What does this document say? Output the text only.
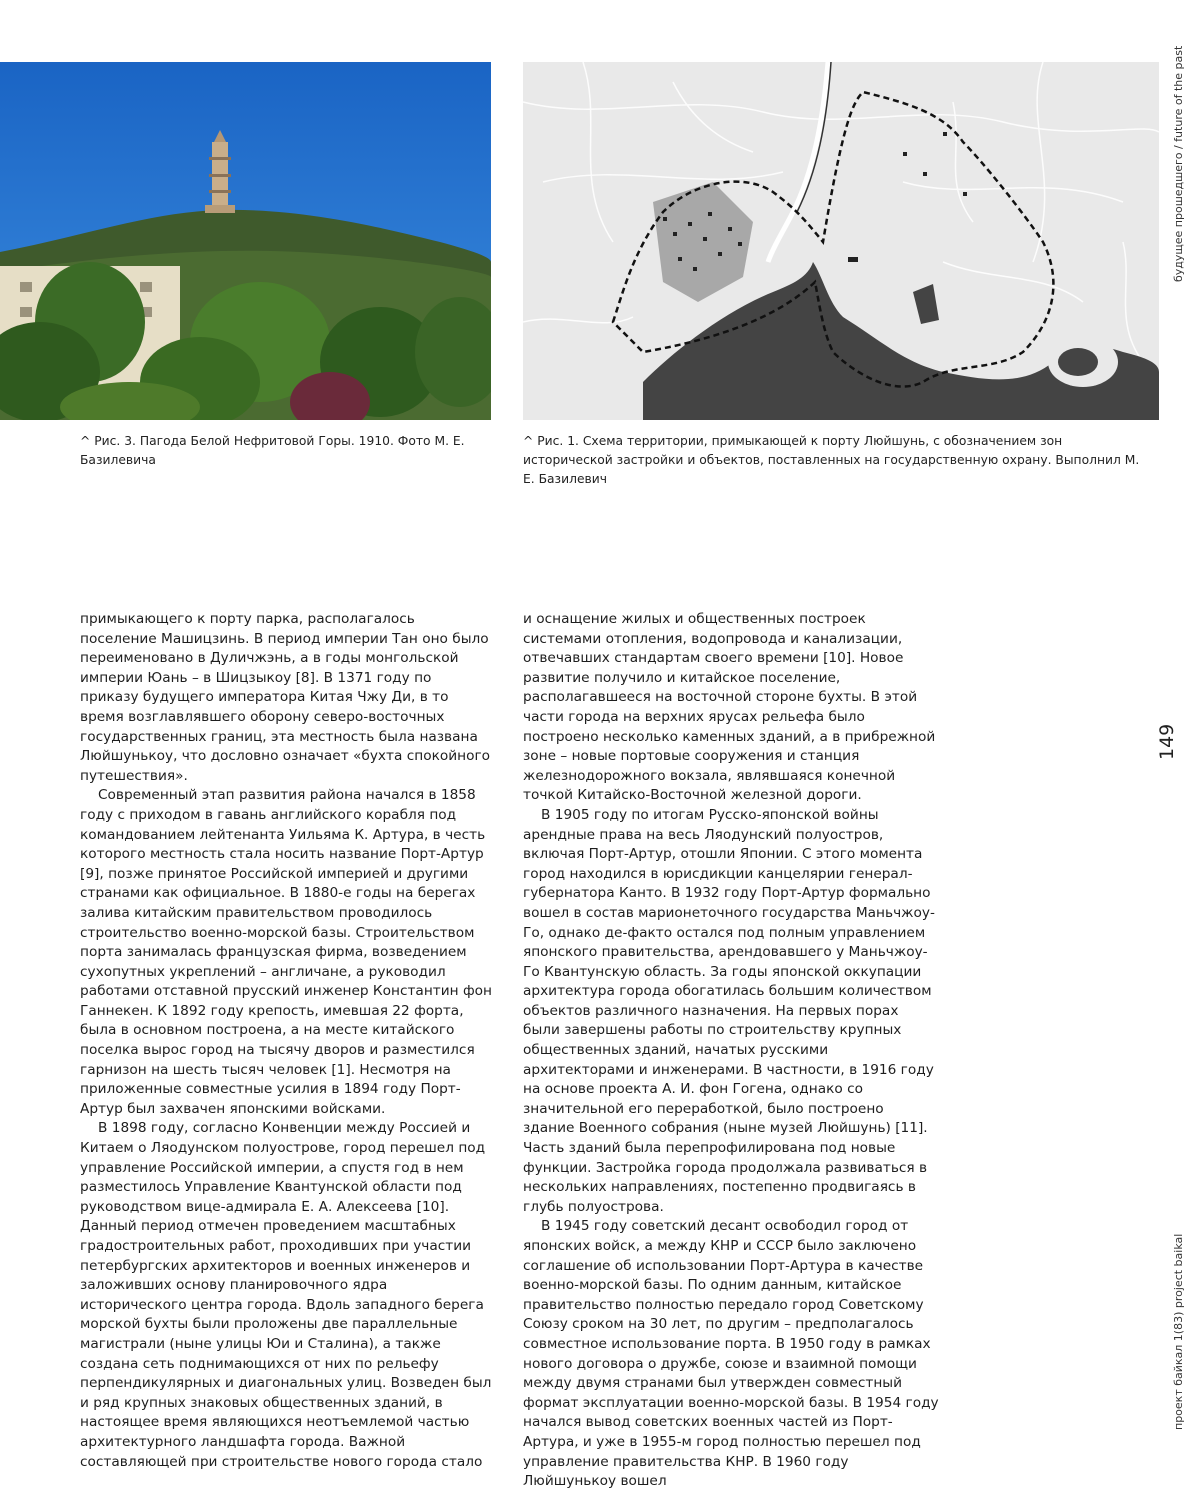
^ Рис. 3. Пагода Белой Нефритовой Горы. 1910. Фото М. Е. Базилевича
^ Рис. 1. Схема территории, примыкающей к порту Люйшунь, с обозначением зон исторической застройки и объектов, поставленных на государственную охрану. Выполнил М. Е. Базилевич

примыкающего к порту парка, располагалось поселение Машицзинь. В период империи Тан оно было переименовано в Дуличжэнь, а в годы монгольской империи Юань – в Шицзыкоу [8]. В 1371 году по приказу будущего императора Китая Чжу Ди, в то время возглавлявшего оборону северо-восточных государственных границ, эта местность была названа Люйшунькоу, что дословно означает «бухта спокойного путешествия».

Современный этап развития района начался в 1858 году с приходом в гавань английского корабля под командованием лейтенанта Уильяма К. Артура, в честь которого местность стала носить название Порт-Артур [9], позже принятое Российской империей и другими странами как официальное. В 1880-е годы на берегах залива китайским правительством проводилось строительство военно-морской базы. Строительством порта занималась французская фирма, возведением сухопутных укреплений – англичане, а руководил работами отставной прусский инженер Константин фон Ганнекен. К 1892 году крепость, имевшая 22 форта, была в основном построена, а на месте китайского поселка вырос город на тысячу дворов и разместился гарнизон на шесть тысяч человек [1]. Несмотря на приложенные совместные усилия в 1894 году Порт-Артур был захвачен японскими войсками.

В 1898 году, согласно Конвенции между Россией и Китаем о Ляодунском полуострове, город перешел под управление Российской империи, а спустя год в нем разместилось Управление Квантунской области под руководством вице-адмирала Е. А. Алексеева [10]. Данный период отмечен проведением масштабных градостроительных работ, проходивших при участии петербургских архитекторов и военных инженеров и заложивших основу планировочного ядра исторического центра города. Вдоль западного берега морской бухты были проложены две параллельные магистрали (ныне улицы Юи и Сталина), а также создана сеть поднимающихся от них по рельефу перпендикулярных и диагональных улиц. Возведен был и ряд крупных знаковых общественных зданий, в настоящее время являющихся неотъемлемой частью архитектурного ландшафта города. Важной составляющей при строительстве нового города стало

и оснащение жилых и общественных построек системами отопления, водопровода и канализации, отвечавших стандартам своего времени [10]. Новое развитие получило и китайское поселение, располагавшееся на восточной стороне бухты. В этой части города на верхних ярусах рельефа было построено несколько каменных зданий, а в прибрежной зоне – новые портовые сооружения и станция железнодорожного вокзала, являвшаяся конечной точкой Китайско-Восточной железной дороги.

В 1905 году по итогам Русско-японской войны арендные права на весь Ляодунский полуостров, включая Порт-Артур, отошли Японии. С этого момента город находился в юрисдикции канцелярии генерал-губернатора Канто. В 1932 году Порт-Артур формально вошел в состав марионеточного государства Маньчжоу-Го, однако де-факто остался под полным управлением японского правительства, арендовавшего у Маньчжоу-Го Квантунскую область. За годы японской оккупации архитектура города обогатилась большим количеством объектов различного назначения. На первых порах были завершены работы по строительству крупных общественных зданий, начатых русскими архитекторами и инженерами. В частности, в 1916 году на основе проекта А. И. фон Гогена, однако со значительной его переработкой, было построено здание Военного собрания (ныне музей Люйшунь) [11]. Часть зданий была перепрофилирована под новые функции. Застройка города продолжала развиваться в нескольких направлениях, постепенно продвигаясь в глубь полуострова.

В 1945 году советский десант освободил город от японских войск, а между КНР и СССР было заключено соглашение об использовании Порт-Артура в качестве военно-морской базы. По одним данным, китайское правительство полностью передало город Советскому Союзу сроком на 30 лет, по другим – предполагалось совместное использование порта. В 1950 году в рамках нового договора о дружбе, союзе и взаимной помощи между двумя странами был утвержден совместный формат эксплуатации военно-морской базы. В 1954 году начался вывод советских военных частей из Порт-Артура, и уже в 1955-м город полностью перешел под управление правительства КНР. В 1960 году Люйшунькоу вошел

будущее прошедшего / future of the past
149
проект байкал 1(83) project baikal
